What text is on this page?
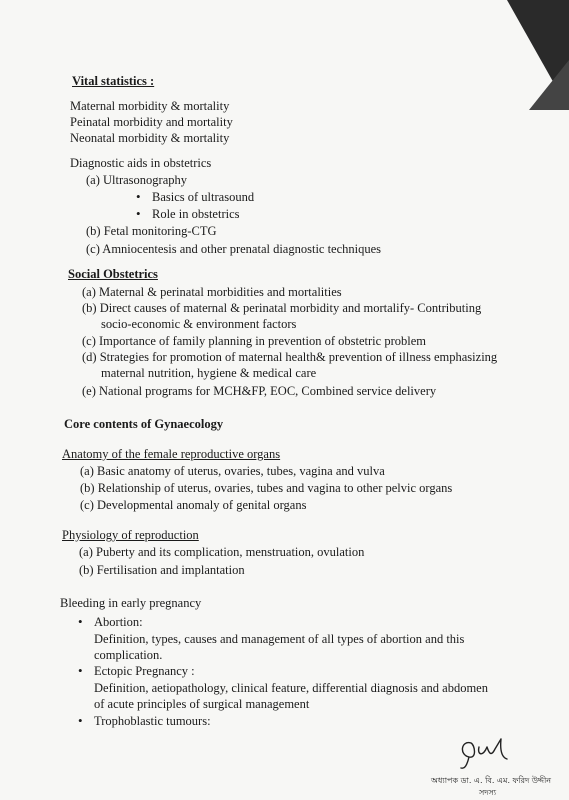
Vital statistics :
Maternal morbidity & mortality
Peinatal morbidity and mortality
Neonatal morbidity & mortality
Diagnostic aids in obstetrics
(a) Ultrasonography
• Basics of ultrasound
• Role in obstetrics
(b) Fetal monitoring-CTG
(c) Amniocentesis and other prenatal diagnostic techniques
Social Obstetrics
(a) Maternal & perinatal morbidities and mortalities
(b) Direct causes of maternal & perinatal morbidity and mortalify- Contributing
socio-economic & environment factors
(c) Importance of family planning in prevention of obstetric problem
(d) Strategies for promotion of maternal health& prevention of illness emphasizing
maternal nutrition, hygiene & medical care
(e) National programs for MCH&FP, EOC, Combined service delivery
Core contents of Gynaecology
Anatomy of the female reproductive organs
(a) Basic anatomy of uterus, ovaries, tubes, vagina and vulva
(b) Relationship of uterus, ovaries, tubes and vagina to other pelvic organs
(c) Developmental anomaly of genital organs
Physiology of reproduction
(a) Puberty and its complication, menstruation, ovulation
(b) Fertilisation and implantation
Bleeding in early pregnancy
• Abortion:
Definition, types, causes and management of all types of abortion and this
complication.
• Ectopic Pregnancy :
Definition, aetiopathology, clinical feature, differential diagnosis and abdomen
of acute principles of surgical management
• Trophoblastic tumours:
অধ্যাপক ডা. এ. বি. এম. ফরিদ উদ্দীন
সদস্য
